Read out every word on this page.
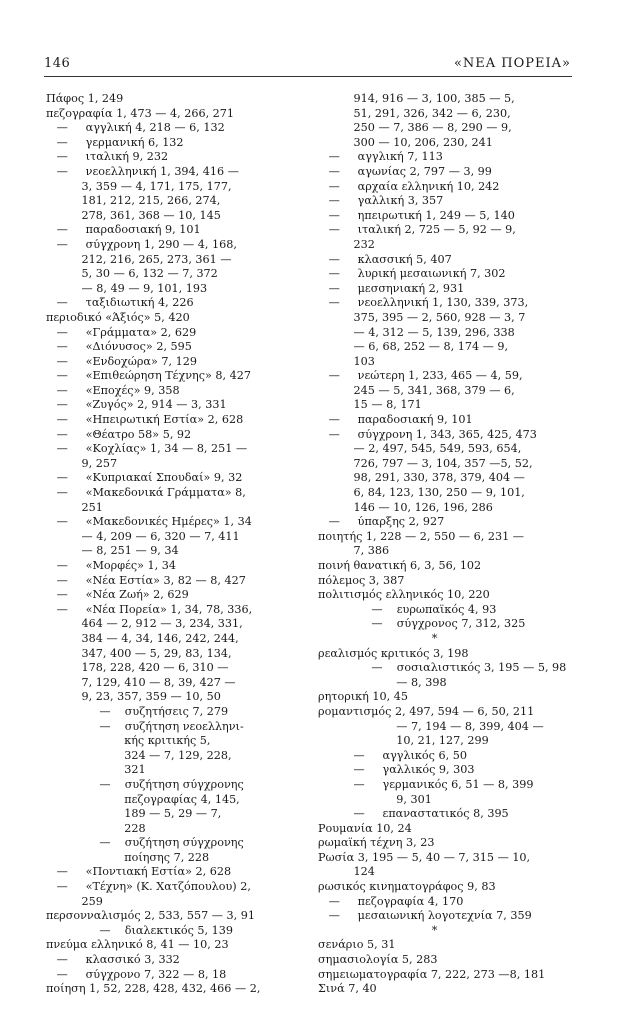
146	«ΝΕΑ ΠΟΡΕΙΑ»
Πάφος 1, 249
πεζογραφία 1, 473 — 4, 266, 271
—     αγγλική 4, 218 — 6, 132
—     γερμανική 6, 132
—     ιταλική 9, 232
—     νεοελληνική 1, 394, 416 —
3, 359 — 4, 171, 175, 177,
181, 212, 215, 266, 274,
278, 361, 368 — 10, 145
—     παραδοσιακή 9, 101
—     σύγχρονη 1, 290 — 4, 168,
212, 216, 265, 273, 361 —
5, 30 — 6, 132 — 7, 372
— 8, 49 — 9, 101, 193
—     ταξιδιωτική 4, 226
περιοδικό «Άξιός» 5, 420
—     «Γράμματα» 2, 629
—     «Διόνυσος» 2, 595
—     «Ενδοχώρα» 7, 129
—     «Επιθεώρηση Τέχνης» 8, 427
—     «Εποχές» 9, 358
—     «Ζυγός» 2, 914 — 3, 331
—     «Ηπειρωτική Εστία» 2, 628
—     «Θέατρο 58» 5, 92
—     «Κοχλίας» 1, 34 — 8, 251 —
9, 257
—     «Κυπριακαί Σπουδαί» 9, 32
—     «Μακεδονικά Γράμματα» 8,
251
—     «Μακεδονικές Ημέρες» 1, 34
— 4, 209 — 6, 320 — 7, 411
— 8, 251 — 9, 34
—     «Μορφές» 1, 34
—     «Νέα Εστία» 3, 82 — 8, 427
—     «Νέα Ζωή» 2, 629
—     «Νέα Πορεία» 1, 34, 78, 336,
464 — 2, 912 — 3, 234, 331,
384 — 4, 34, 146, 242, 244,
347, 400 — 5, 29, 83, 134,
178, 228, 420 — 6, 310 —
7, 129, 410 — 8, 39, 427 —
9, 23, 357, 359 — 10, 50
—    συζητήσεις 7, 279
—    συζήτηση νεοελληνι-
κής κριτικής 5,
324 — 7, 129, 228,
321
—    συζήτηση σύγχρονης
πεζογραφίας 4, 145,
189 — 5, 29 — 7,
228
—    συζήτηση σύγχρονης
ποίησης 7, 228
—     «Ποντιακή Εστία» 2, 628
—     «Τέχνη» (Κ. Χατζόπουλου) 2,
259
περσονναλισμός 2, 533, 557 — 3, 91
—    διαλεκτικός 5, 139
πνεύμα ελληνικό 8, 41 — 10, 23
—     κλασσικό 3, 332
—     σύγχρονο 7, 322 — 8, 18
ποίηση 1, 52, 228, 428, 432, 466 — 2,
914, 916 — 3, 100, 385 — 5,
51, 291, 326, 342 — 6, 230,
250 — 7, 386 — 8, 290 — 9,
300 — 10, 206, 230, 241
—     αγγλική 7, 113
—     αγωνίας 2, 797 — 3, 99
—     αρχαία ελληνική 10, 242
—     γαλλική 3, 357
—     ηπειρωτική 1, 249 — 5, 140
—     ιταλική 2, 725 — 5, 92 — 9,
232
—     κλασσική 5, 407
—     λυρική μεσαιωνική 7, 302
—     μεσσηνιακή 2, 931
—     νεοελληνική 1, 130, 339, 373,
375, 395 — 2, 560, 928 — 3, 7
— 4, 312 — 5, 139, 296, 338
— 6, 68, 252 — 8, 174 — 9,
103
—     νεώτερη 1, 233, 465 — 4, 59,
245 — 5, 341, 368, 379 — 6,
15 — 8, 171
—     παραδοσιακή 9, 101
—     σύγχρονη 1, 343, 365, 425, 473
— 2, 497, 545, 549, 593, 654,
726, 797 — 3, 104, 357 —5, 52,
98, 291, 330, 378, 379, 404 —
6, 84, 123, 130, 250 — 9, 101,
146 — 10, 126, 196, 286
—     ύπαρξης 2, 927
ποιητής 1, 228 — 2, 550 — 6, 231 —
7, 386
ποινή θανατική 6, 3, 56, 102
πόλεμος 3, 387
πολιτισμός ελληνικός 10, 220
—    ευρωπαϊκός 4, 93
—    σύγχρονος 7, 312, 325
*
ρεαλισμός κριτικός 3, 198
—    σοσιαλιστικός 3, 195 — 5, 98
— 8, 398
ρητορική 10, 45
ρομαντισμός 2, 497, 594 — 6, 50, 211
— 7, 194 — 8, 399, 404 —
10, 21, 127, 299
—     αγγλικός 6, 50
—     γαλλικός 9, 303
—     γερμανικός 6, 51 — 8, 399
9, 301
—     επαναστατικός 8, 395
Ρουμανία 10, 24
ρωμαϊκή τέχνη 3, 23
Ρωσία 3, 195 — 5, 40 — 7, 315 — 10,
124
ρωσικός κινηματογράφος 9, 83
—     πεζογραφία 4, 170
—     μεσαιωνική λογοτεχνία 7, 359
*
σενάριο 5, 31
σημασιολογία 5, 283
σημειωματογραφία 7, 222, 273 —8, 181
Σινά 7, 40
